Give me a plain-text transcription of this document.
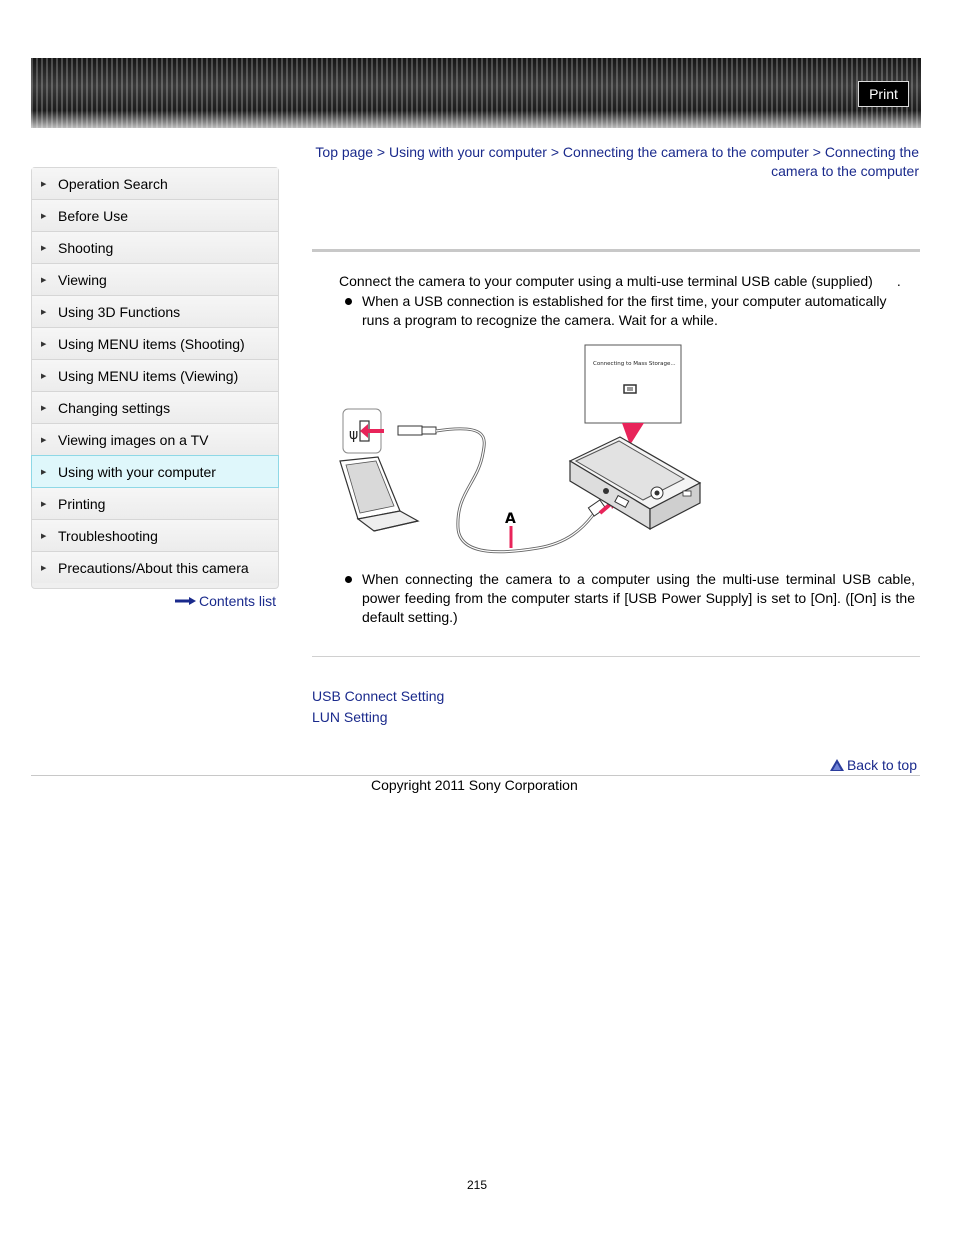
Print
▶ Operation Search
▶ Before Use
▶ Shooting
▶ Viewing
▶ Using 3D Functions
▶ Using MENU items (Shooting)
▶ Using MENU items (Viewing)
▶ Changing settings
▶ Viewing images on a TV
▶ Using with your computer
▶ Printing
▶ Troubleshooting
▶ Precautions/About this camera
Contents list
Top page > Using with your computer > Connecting the camera to the computer > Connecting the camera to the computer
Connect the camera to your computer using a multi-use terminal USB cable (supplied) .
When a USB connection is established for the first time, your computer automatically runs a program to recognize the camera. Wait for a while.
Connecting to Mass Storage...
ψ
A
When connecting the camera to a computer using the multi-use terminal USB cable, power feeding from the computer starts if [USB Power Supply] is set to [On]. ([On] is the default setting.)
USB Connect Setting
LUN Setting
Back to top
Copyright 2011 Sony Corporation
215
